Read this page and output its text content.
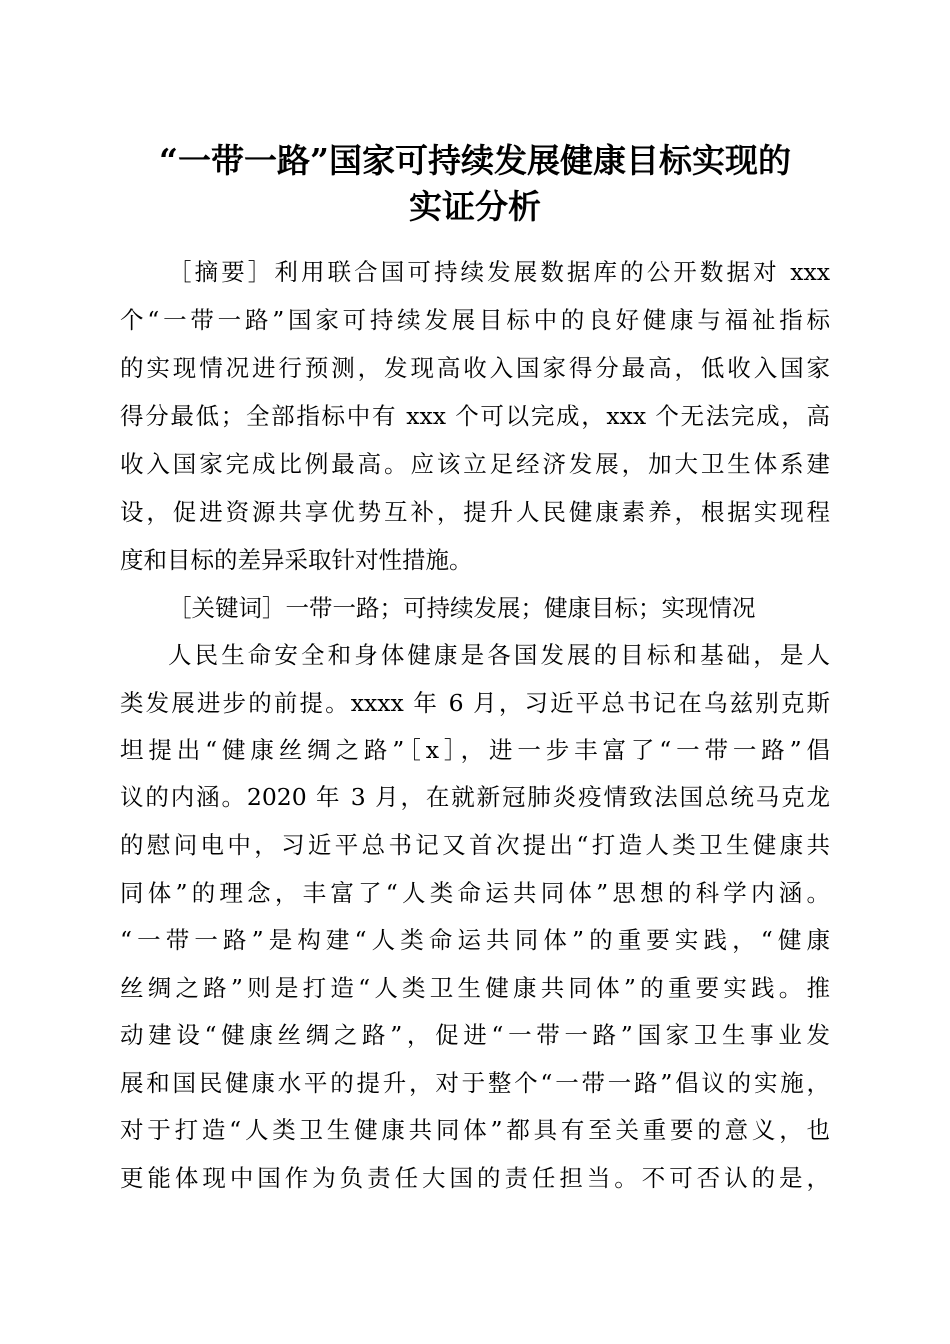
“一带一路”国家可持续发展健康目标实现的
实证分析
［摘要］利用联合国可持续发展数据库的公开数据对 xxx
个“一带一路”国家可持续发展目标中的良好健康与福祉指标
的实现情况进行预测，发现高收入国家得分最高，低收入国家
得分最低；全部指标中有 xxx 个可以完成，xxx 个无法完成，高
收入国家完成比例最高。应该立足经济发展，加大卫生体系建
设，促进资源共享优势互补，提升人民健康素养，根据实现程
度和目标的差异采取针对性措施。
［关键词］一带一路；可持续发展；健康目标；实现情况
人民生命安全和身体健康是各国发展的目标和基础，是人
类发展进步的前提。xxxx 年 6 月，习近平总书记在乌兹别克斯
坦提出“健康丝绸之路”［x］，进一步丰富了“一带一路”倡
议的内涵。2020 年 3 月，在就新冠肺炎疫情致法国总统马克龙
的慰问电中，习近平总书记又首次提出“打造人类卫生健康共
同体”的理念，丰富了“人类命运共同体”思想的科学内涵。
“一带一路”是构建“人类命运共同体”的重要实践，“健康
丝绸之路”则是打造“人类卫生健康共同体”的重要实践。推
动建设“健康丝绸之路”，促进“一带一路”国家卫生事业发
展和国民健康水平的提升，对于整个“一带一路”倡议的实施，
对于打造“人类卫生健康共同体”都具有至关重要的意义，也
更能体现中国作为负责任大国的责任担当。不可否认的是，
